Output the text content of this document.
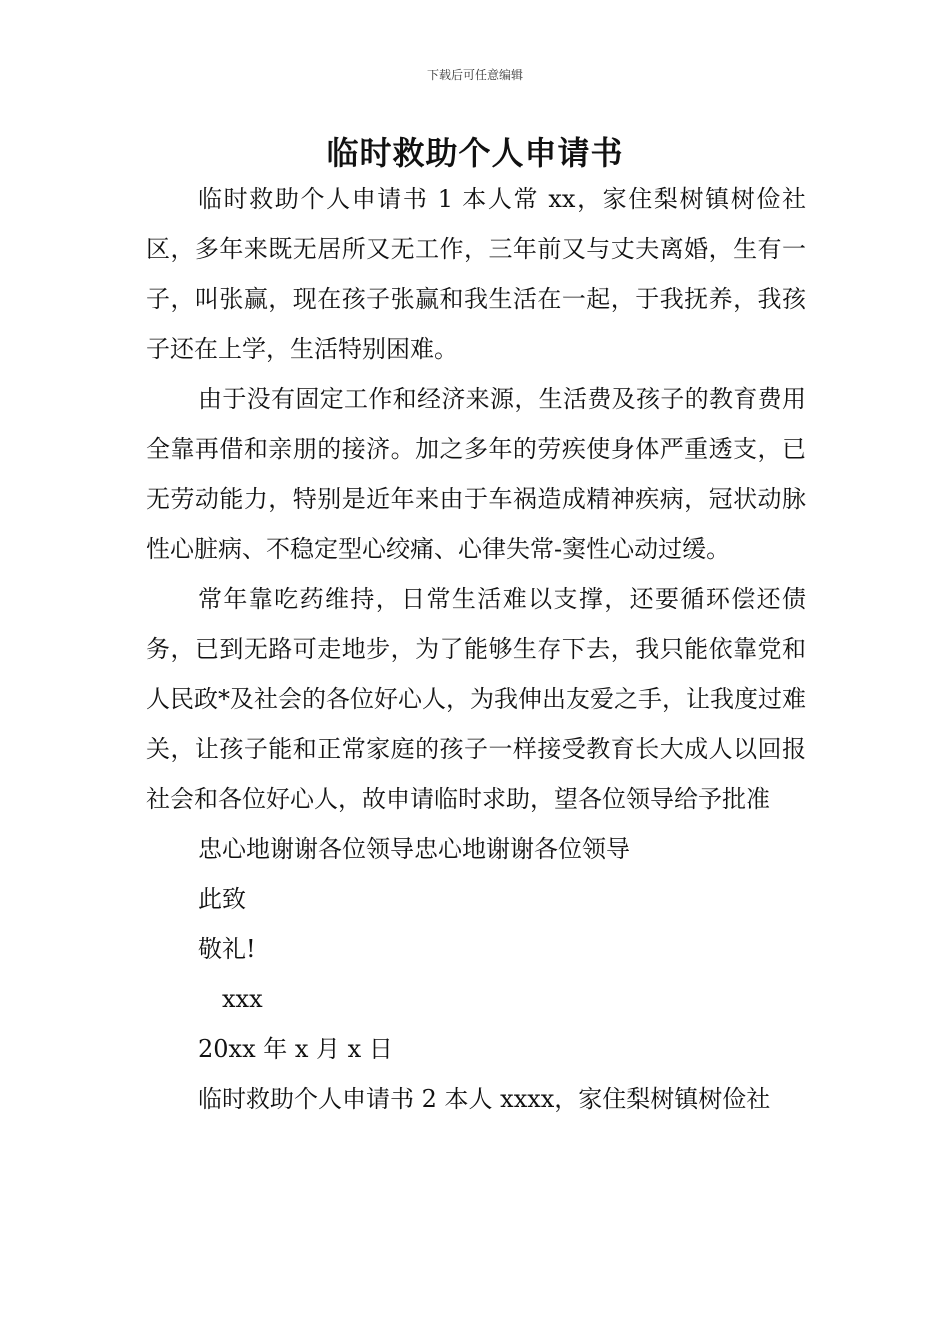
下载后可任意编辑
临时救助个人申请书

临时救助个人申请书 1 本人常 xx，家住梨树镇树俭社区，多年来既无居所又无工作，三年前又与丈夫离婚，生有一子，叫张赢，现在孩子张赢和我生活在一起，于我抚养，我孩子还在上学，生活特别困难。

由于没有固定工作和经济来源，生活费及孩子的教育费用全靠再借和亲朋的接济。加之多年的劳疾使身体严重透支，已无劳动能力，特别是近年来由于车祸造成精神疾病，冠状动脉性心脏病、不稳定型心绞痛、心律失常-窦性心动过缓。

常年靠吃药维持，日常生活难以支撑，还要循环偿还债务，已到无路可走地步，为了能够生存下去，我只能依靠党和人民政*及社会的各位好心人，为我伸出友爱之手，让我度过难关，让孩子能和正常家庭的孩子一样接受教育长大成人以回报社会和各位好心人，故申请临时求助，望各位领导给予批准

忠心地谢谢各位领导忠心地谢谢各位领导

此致

敬礼!

xxx

20xx 年 x 月 x 日

临时救助个人申请书 2 本人 xxxx，家住梨树镇树俭社
